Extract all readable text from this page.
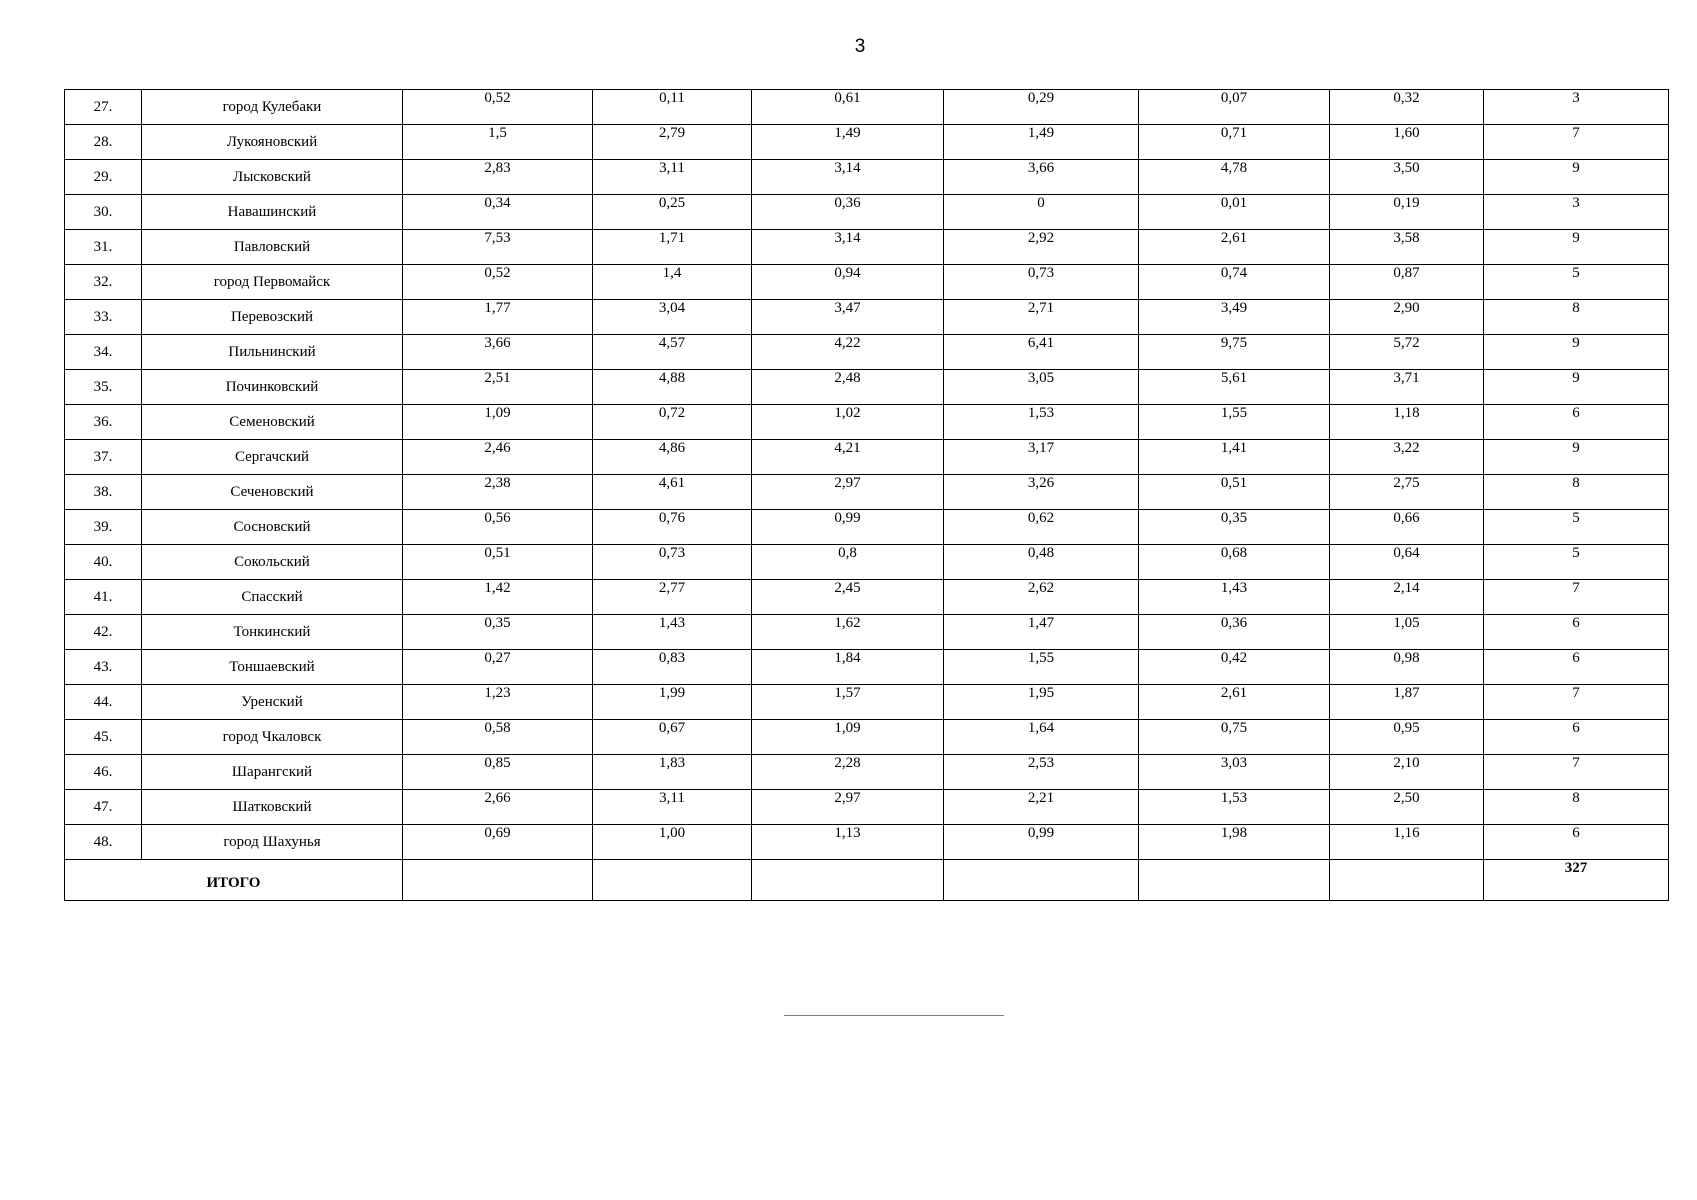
3
27.	город Кулебаки	0,52	0,11	0,61	0,29	0,07	0,32	3
28.	Лукояновский	1,5	2,79	1,49	1,49	0,71	1,60	7
29.	Лысковский	2,83	3,11	3,14	3,66	4,78	3,50	9
30.	Навашинский	0,34	0,25	0,36	0	0,01	0,19	3
31.	Павловский	7,53	1,71	3,14	2,92	2,61	3,58	9
32.	город Первомайск	0,52	1,4	0,94	0,73	0,74	0,87	5
33.	Перевозский	1,77	3,04	3,47	2,71	3,49	2,90	8
34.	Пильнинский	3,66	4,57	4,22	6,41	9,75	5,72	9
35.	Починковский	2,51	4,88	2,48	3,05	5,61	3,71	9
36.	Семеновский	1,09	0,72	1,02	1,53	1,55	1,18	6
37.	Сергачский	2,46	4,86	4,21	3,17	1,41	3,22	9
38.	Сеченовский	2,38	4,61	2,97	3,26	0,51	2,75	8
39.	Сосновский	0,56	0,76	0,99	0,62	0,35	0,66	5
40.	Сокольский	0,51	0,73	0,8	0,48	0,68	0,64	5
41.	Спасский	1,42	2,77	2,45	2,62	1,43	2,14	7
42.	Тонкинский	0,35	1,43	1,62	1,47	0,36	1,05	6
43.	Тоншаевский	0,27	0,83	1,84	1,55	0,42	0,98	6
44.	Уренский	1,23	1,99	1,57	1,95	2,61	1,87	7
45.	город Чкаловск	0,58	0,67	1,09	1,64	0,75	0,95	6
46.	Шарангский	0,85	1,83	2,28	2,53	3,03	2,10	7
47.	Шатковский	2,66	3,11	2,97	2,21	1,53	2,50	8
48.	город Шахунья	0,69	1,00	1,13	0,99	1,98	1,16	6
ИТОГО								327
